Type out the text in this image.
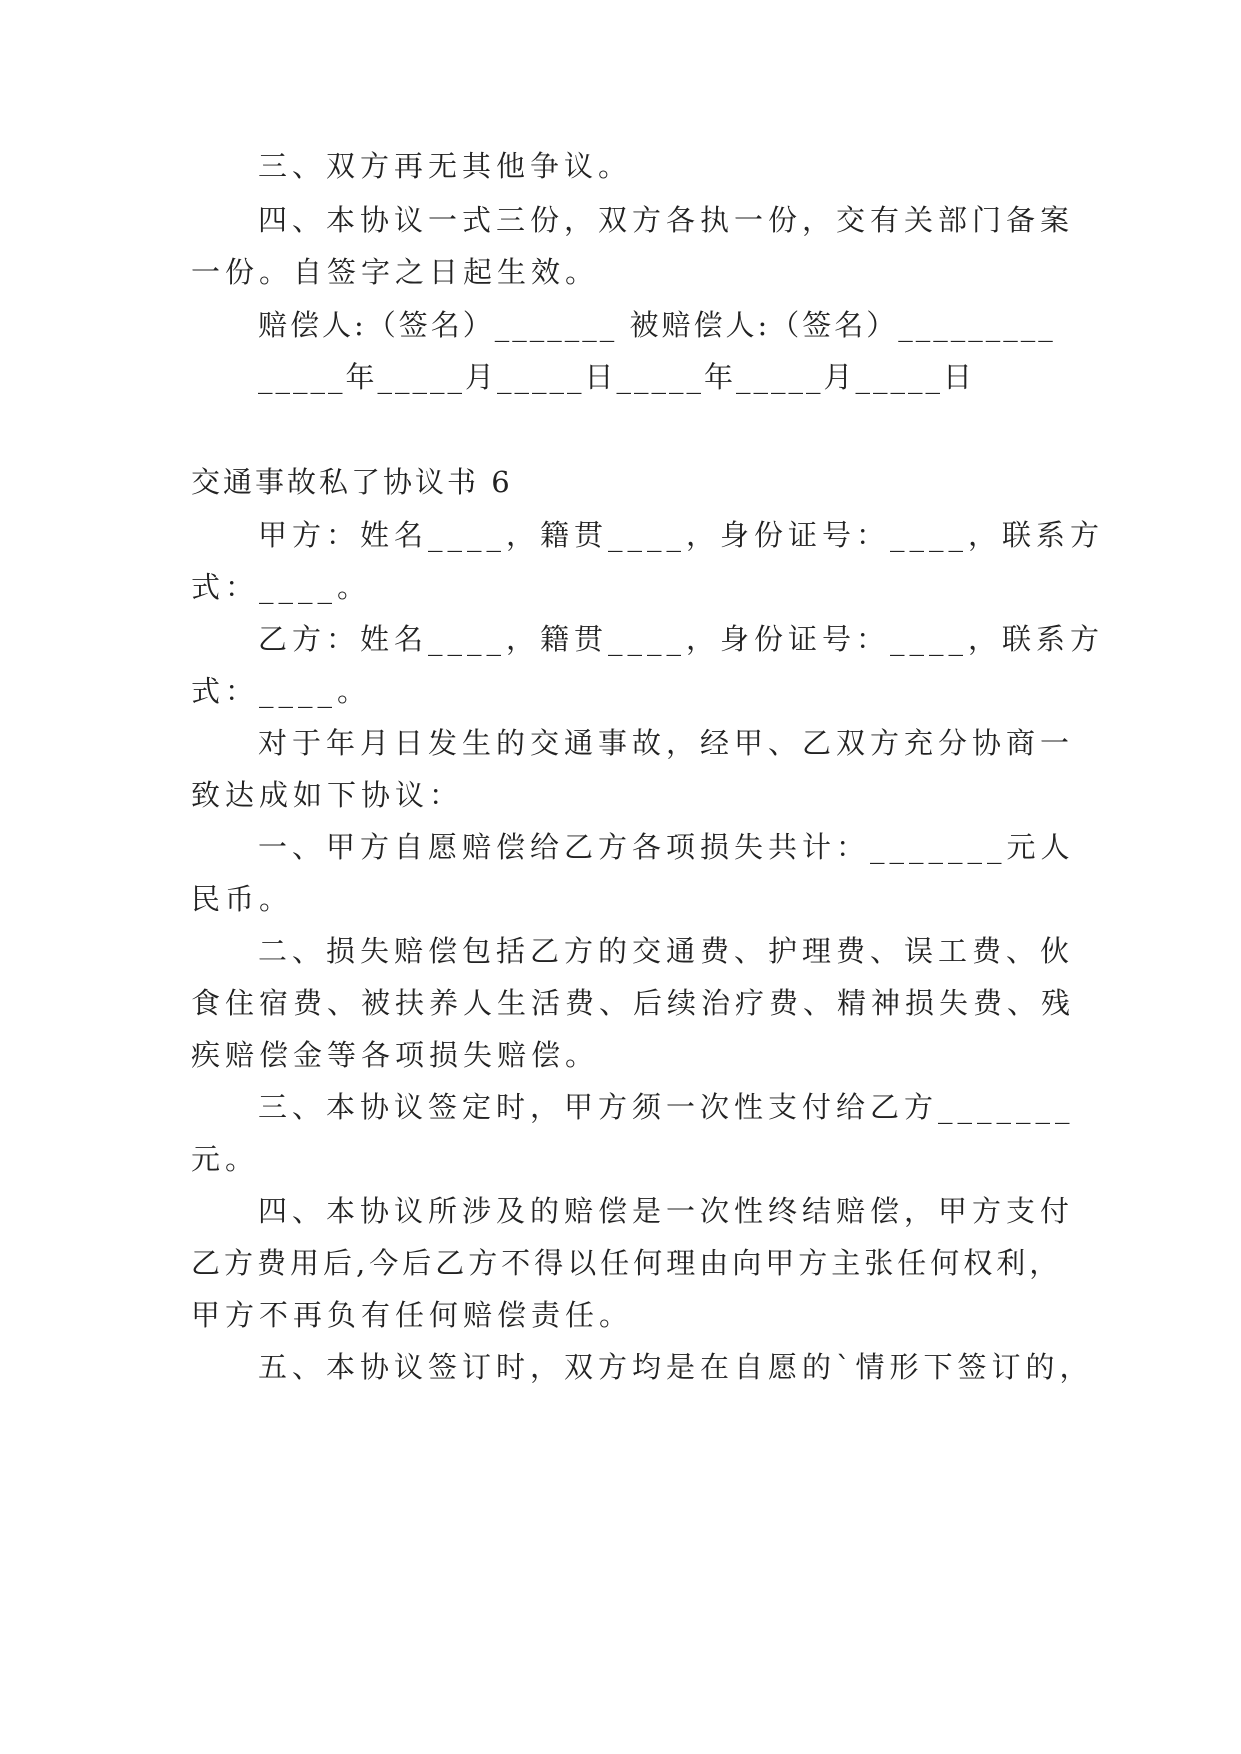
三、双方再无其他争议。
四、本协议一式三份，双方各执一份，交有关部门备案
一份。自签字之日起生效。
赔偿人:（签名）_______ 被赔偿人:（签名）_________
_____年_____月_____日_____年_____月_____日
交通事故私了协议书 6
甲方：姓名____，籍贯____，身份证号：____，联系方
式：____。
乙方：姓名____，籍贯____，身份证号：____，联系方
式：____。
对于年月日发生的交通事故，经甲、乙双方充分协商一
致达成如下协议：
一、甲方自愿赔偿给乙方各项损失共计：_______元人
民币。
二、损失赔偿包括乙方的交通费、护理费、误工费、伙
食住宿费、被扶养人生活费、后续治疗费、精神损失费、残
疾赔偿金等各项损失赔偿。
三、本协议签定时，甲方须一次性支付给乙方_______
元。
四、本协议所涉及的赔偿是一次性终结赔偿，甲方支付
乙方费用后,今后乙方不得以任何理由向甲方主张任何权利，
甲方不再负有任何赔偿责任。
五、本协议签订时，双方均是在自愿的`情形下签订的，
